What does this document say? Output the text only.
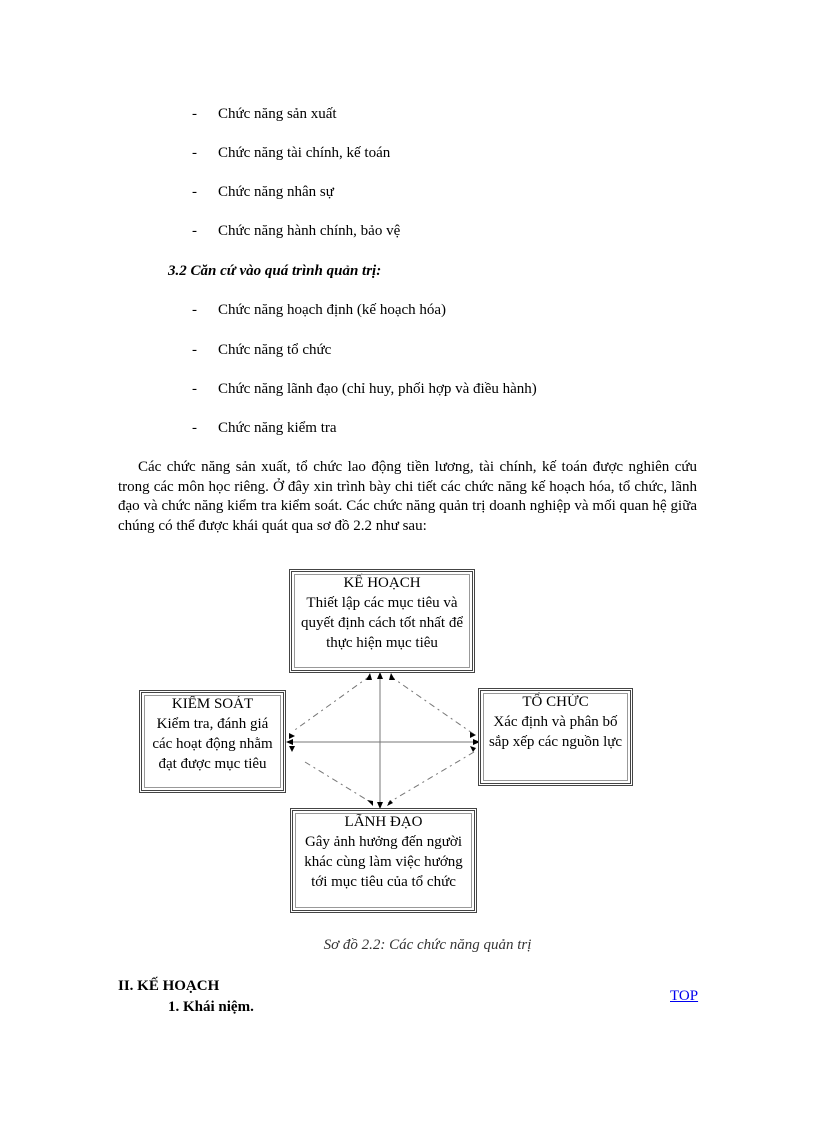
- Chức năng sản xuất
- Chức năng tài chính, kế toán
- Chức năng nhân sự
- Chức năng hành chính, bảo vệ
3.2 Căn cứ vào quá trình quản trị:
- Chức năng hoạch định (kế hoạch hóa)
- Chức năng tổ chức
- Chức năng lãnh đạo (chỉ huy, phối hợp và điều hành)
- Chức năng kiểm tra
Các chức năng sản xuất, tổ chức lao động tiền lương, tài chính, kế toán được nghiên cứu trong các môn học riêng. Ở đây xin trình bày chi tiết các chức năng kế hoạch hóa, tổ chức, lãnh đạo và chức năng kiểm tra kiểm soát. Các chức năng quản trị doanh nghiệp và mối quan hệ giữa chúng có thể được khái quát qua sơ đồ 2.2 như sau:
KẾ HOẠCH
Thiết lập các mục tiêu và
quyết định cách tốt nhất để
thực hiện mục tiêu
KIỂM SOÁT
Kiểm tra, đánh giá
các hoạt động nhằm
đạt được mục tiêu
TỔ CHỨC
Xác định và phân bố
sắp xếp các nguồn lực
LÃNH ĐẠO
Gây ảnh hưởng đến người
khác cùng làm việc hướng
tới mục tiêu của tổ chức
Sơ đồ 2.2: Các chức năng quản trị
II. KẾ HOẠCH
1. Khái niệm.
TOP
